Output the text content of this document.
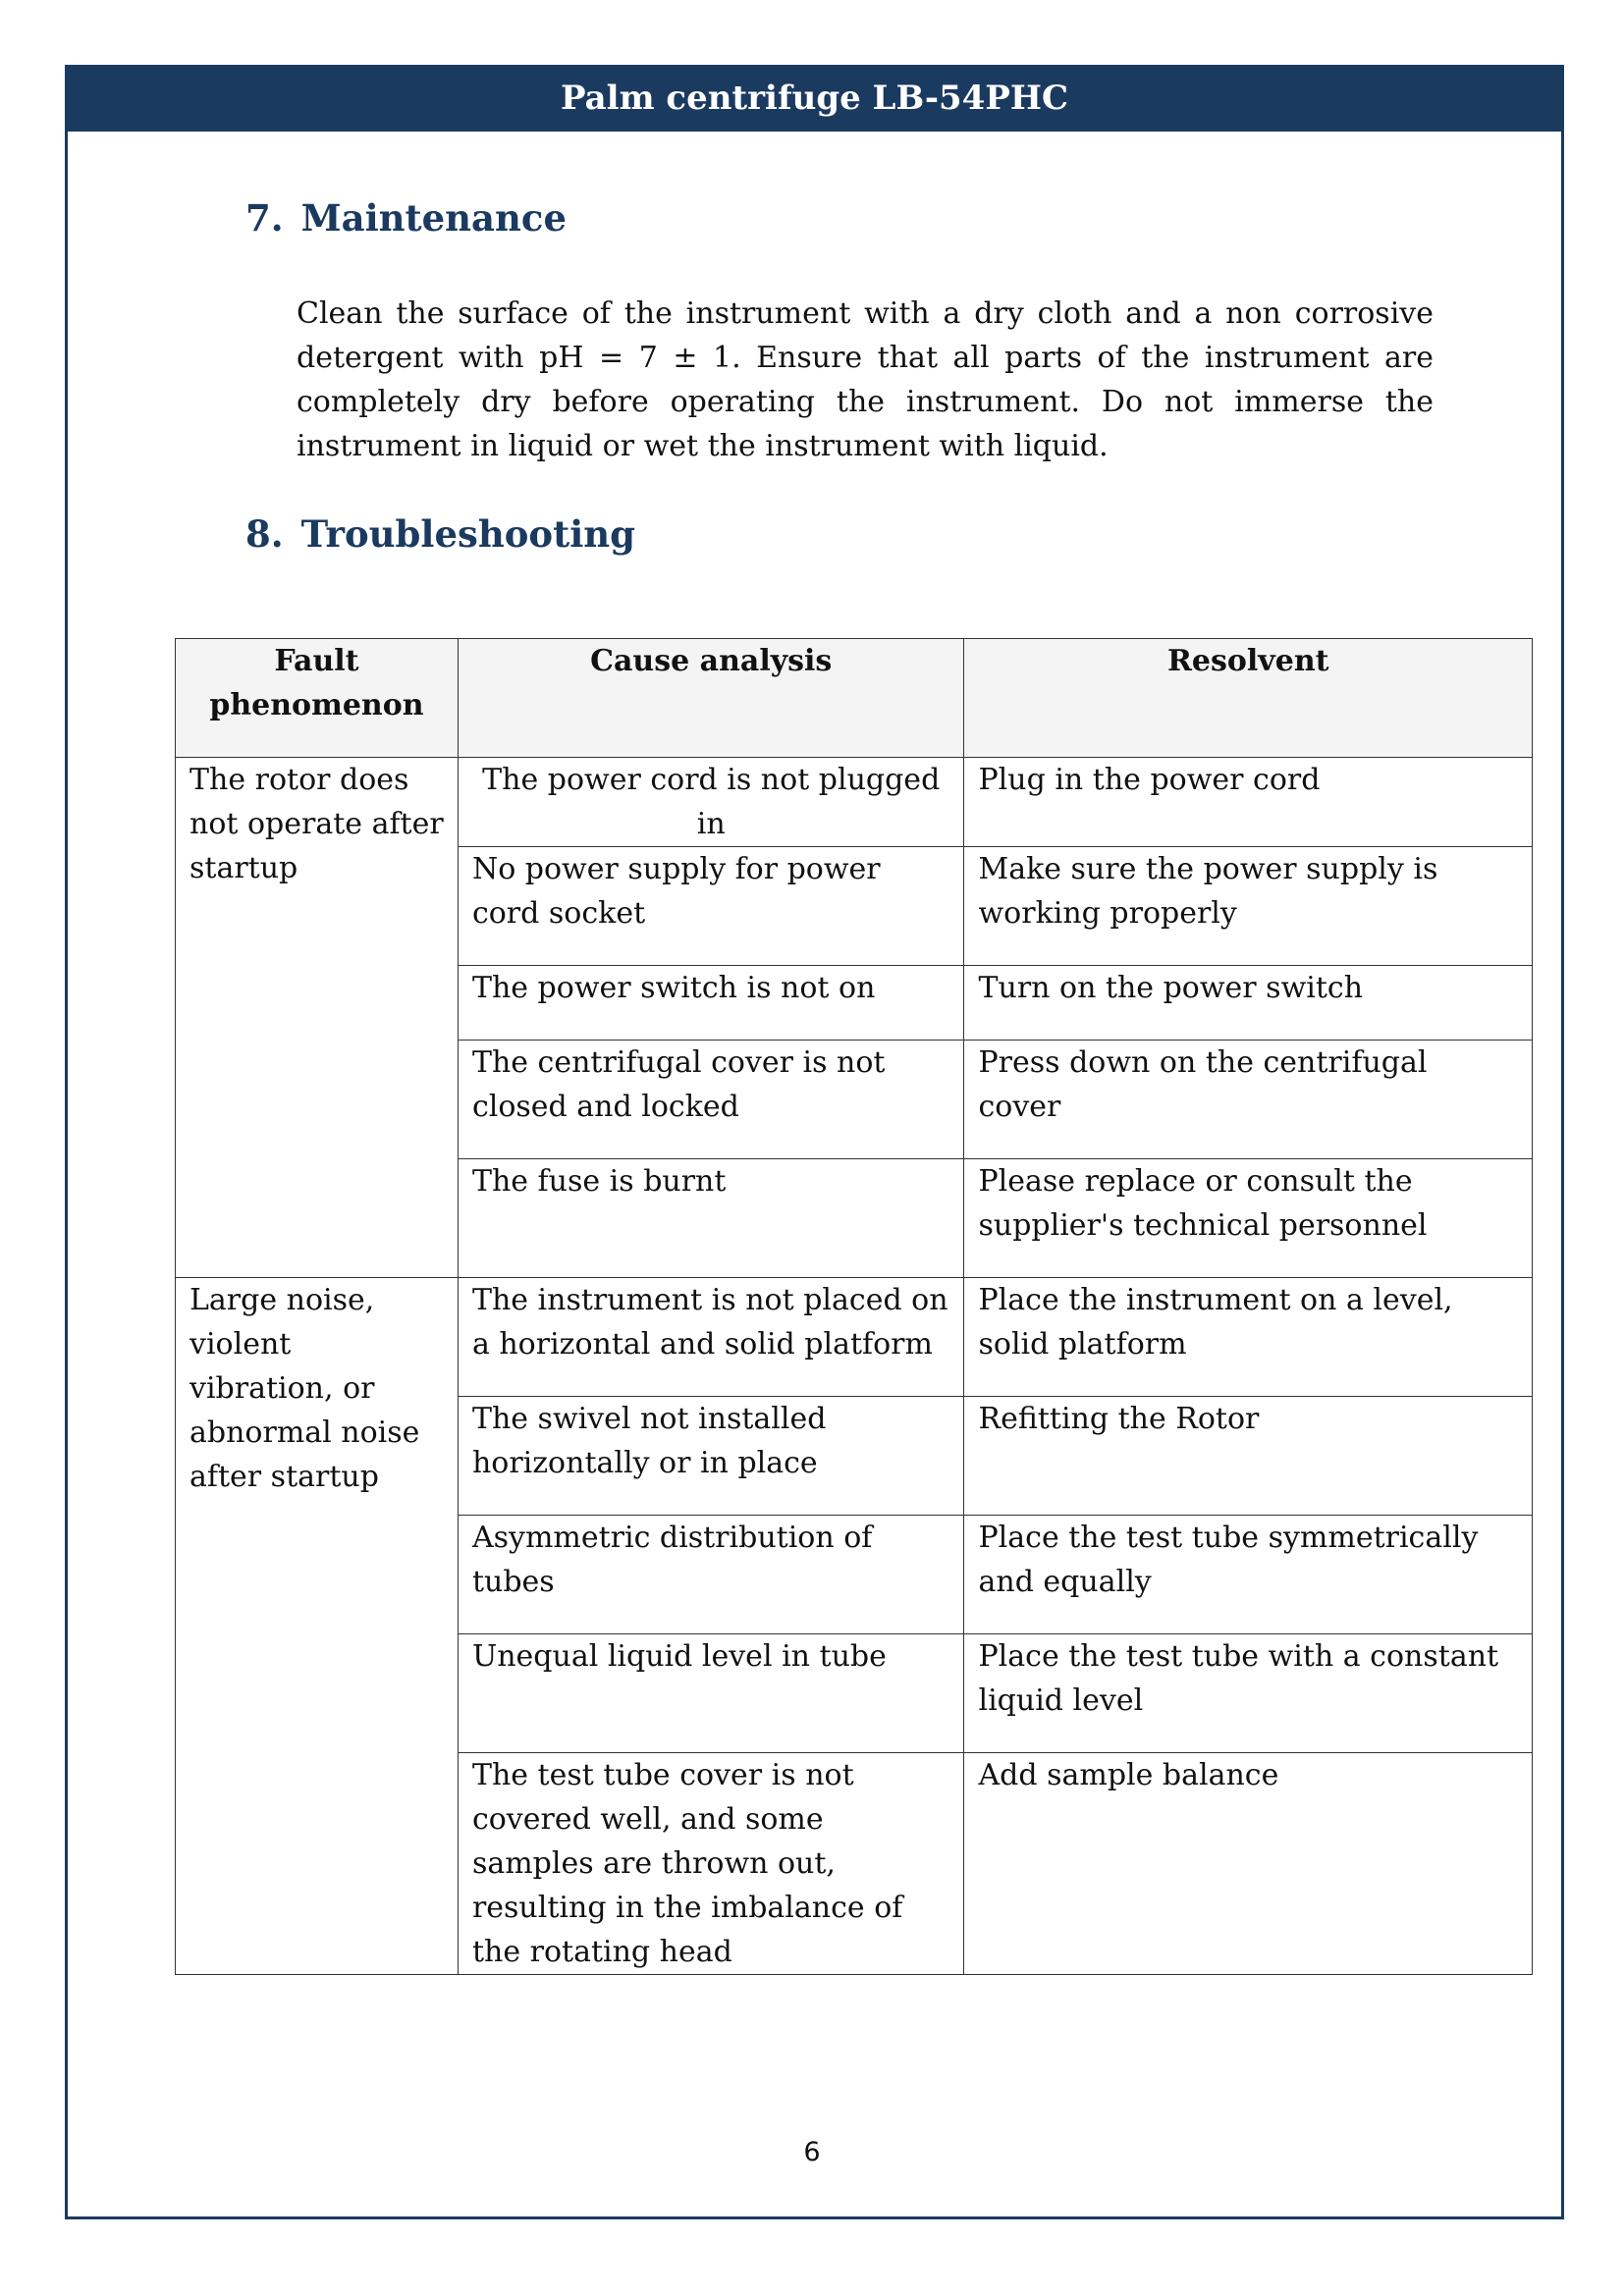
Palm centrifuge LB-54PHC
7. Maintenance
Clean the surface of the instrument with a dry cloth and a non corrosive detergent with pH = 7 ± 1. Ensure that all parts of the instrument are completely dry before operating the instrument. Do not immerse the instrument in liquid or wet the instrument with liquid.
8. Troubleshooting
Fault phenomenon	Cause analysis	Resolvent
The rotor does not operate after startup	The power cord is not plugged in	Plug in the power cord
	No power supply for power cord socket	Make sure the power supply is working properly
	The power switch is not on	Turn on the power switch
	The centrifugal cover is not closed and locked	Press down on the centrifugal cover
	The fuse is burnt	Please replace or consult the supplier's technical personnel
Large noise, violent vibration, or abnormal noise after startup	The instrument is not placed on a horizontal and solid platform	Place the instrument on a level, solid platform
	The swivel not installed horizontally or in place	Refitting the Rotor
	Asymmetric distribution of tubes	Place the test tube symmetrically and equally
	Unequal liquid level in tube	Place the test tube with a constant liquid level
	The test tube cover is not covered well, and some samples are thrown out, resulting in the imbalance of the rotating head	Add sample balance
6
